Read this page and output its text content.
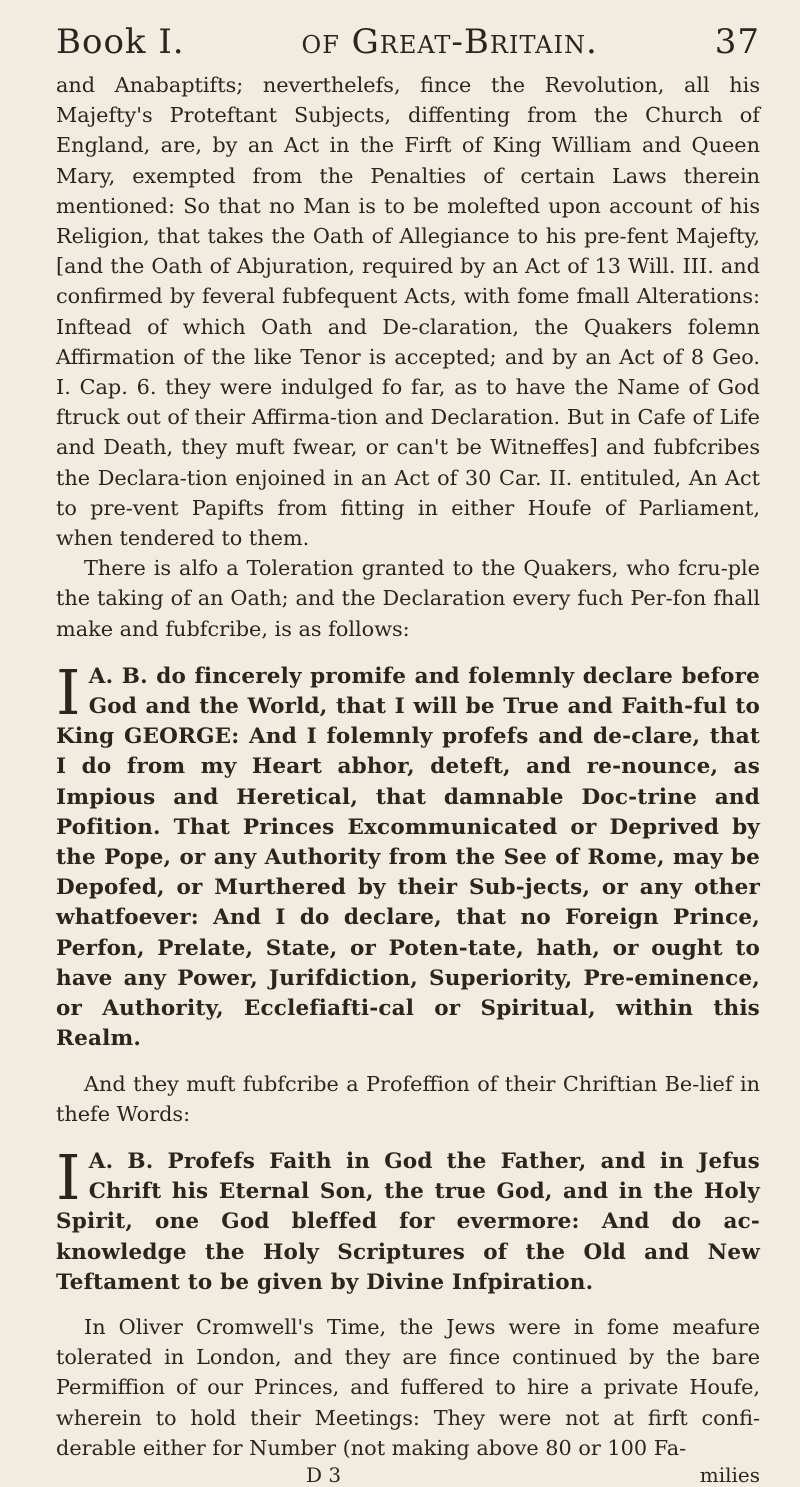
Book I.	of Great-Britain.	37

and Anabaptifts; neverthelefs, fince the Revolution, all his Majefty's Proteftant Subjects, diffenting from the Church of England, are, by an Act in the Firft of King William and Queen Mary, exempted from the Penalties of certain Laws therein mentioned: So that no Man is to be molefted upon account of his Religion, that takes the Oath of Allegiance to his pre-fent Majefty, [and the Oath of Abjuration, required by an Act of 13 Will. III. and confirmed by feveral fubfequent Acts, with fome fmall Alterations: Inftead of which Oath and De-claration, the Quakers folemn Affirmation of the like Tenor is accepted; and by an Act of 8 Geo. I. Cap. 6. they were indulged fo far, as to have the Name of God ftruck out of their Affirma-tion and Declaration. But in Cafe of Life and Death, they muft fwear, or can't be Witneffes] and fubfcribes the Declara-tion enjoined in an Act of 30 Car. II. entituled, An Act to pre-vent Papifts from fitting in either Houfe of Parliament, when tendered to them.

There is alfo a Toleration granted to the Quakers, who fcru-ple the taking of an Oath; and the Declaration every fuch Per-fon fhall make and fubfcribe, is as follows:

I A. B. do fincerely promife and folemnly declare before God and the World, that I will be True and Faith-ful to King GEORGE: And I folemnly profefs and de-clare, that I do from my Heart abhor, deteft, and re-nounce, as Impious and Heretical, that damnable Doc-trine and Pofition. That Princes Excommunicated or Deprived by the Pope, or any Authority from the See of Rome, may be Depofed, or Murthered by their Sub-jects, or any other whatfoever: And I do declare, that no Foreign Prince, Perfon, Prelate, State, or Poten-tate, hath, or ought to have any Power, Jurifdiction, Superiority, Pre-eminence, or Authority, Ecclefiafti-cal or Spiritual, within this Realm.

And they muft fubfcribe a Profeffion of their Chriftian Be-lief in thefe Words:

I A. B. Profefs Faith in God the Father, and in Jefus Chrift his Eternal Son, the true God, and in the Holy Spirit, one God bleffed for evermore: And do ac-knowledge the Holy Scriptures of the Old and New Teftament to be given by Divine Infpiration.

In Oliver Cromwell's Time, the Jews were in fome meafure tolerated in London, and they are fince continued by the bare Permiffion of our Princes, and fuffered to hire a private Houfe, wherein to hold their Meetings: They were not at firft confi-derable either for Number (not making above 80 or 100 Fa-

D 3	milies
